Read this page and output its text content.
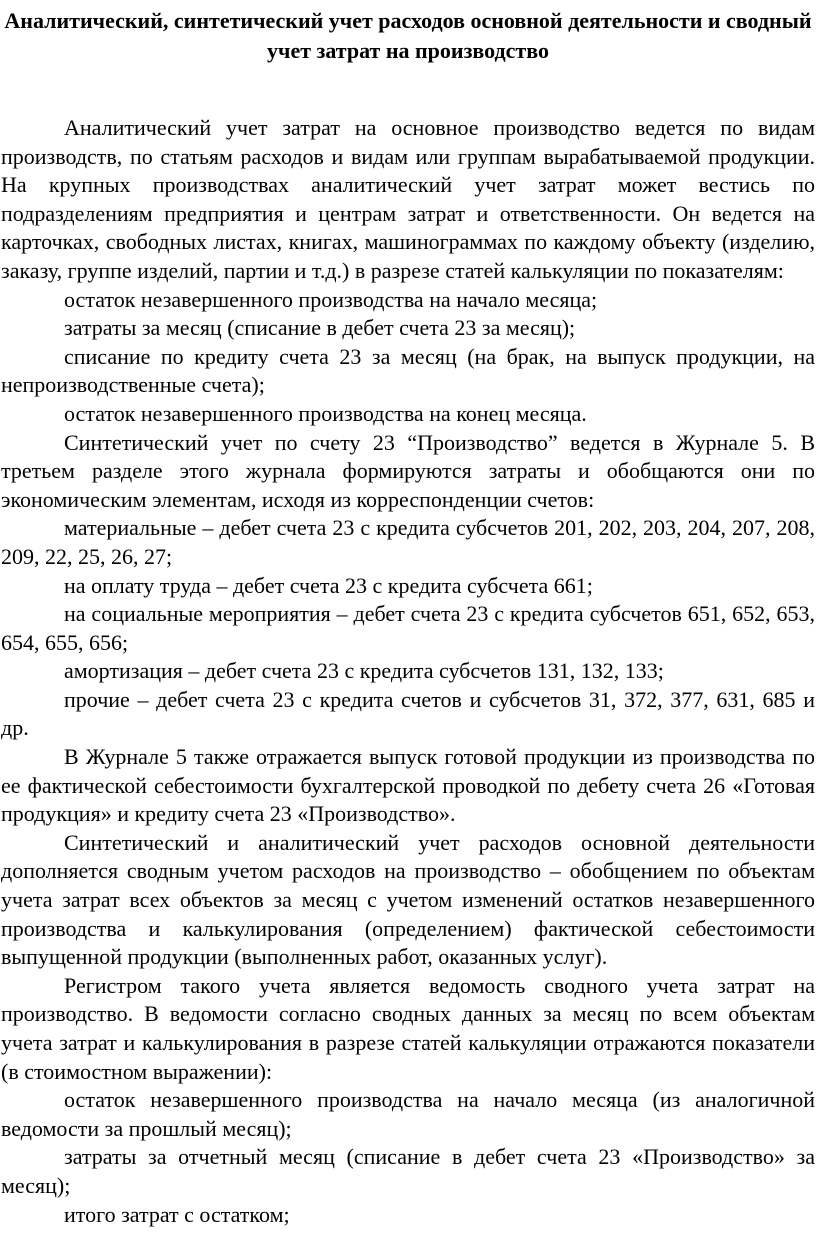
Аналитический, синтетический учет расходов основной деятельности и сводный учет затрат на производство

Аналитический учет затрат на основное производство ведется по видам производств, по статьям расходов и видам или группам вырабатываемой продукции. На крупных производствах аналитический учет затрат может вестись по подразделениям предприятия и центрам затрат и ответственности. Он ведется на карточках, свободных листах, книгах, машинограммах по каждому объекту (изделию, заказу, группе изделий, партии и т.д.) в разрезе статей калькуляции по показателям:

остаток незавершенного производства на начало месяца;

затраты за месяц (списание в дебет счета 23 за месяц);

списание по кредиту счета 23 за месяц (на брак, на выпуск продукции, на непроизводственные счета);

остаток незавершенного производства на конец месяца.

Синтетический учет по счету 23 “Производство” ведется в Журнале 5. В третьем разделе этого журнала формируются затраты и обобщаются они по экономическим элементам, исходя из корреспонденции счетов:

материальные – дебет счета 23 с кредита субсчетов 201, 202, 203, 204, 207, 208, 209, 22, 25, 26, 27;

на оплату труда – дебет счета 23 с кредита субсчета 661;

на социальные мероприятия – дебет счета 23 с кредита субсчетов 651, 652, 653, 654, 655, 656;

амортизация – дебет счета 23 с кредита субсчетов 131, 132, 133;

прочие – дебет счета 23 с кредита счетов и субсчетов 31, 372, 377, 631, 685 и др.

В Журнале 5 также отражается выпуск готовой продукции из производства по ее фактической себестоимости бухгалтерской проводкой по дебету счета 26 «Готовая продукция» и кредиту счета 23 «Производство».

Синтетический и аналитический учет расходов основной деятельности дополняется сводным учетом расходов на производство – обобщением по объектам учета затрат всех объектов за месяц с учетом изменений остатков незавершенного производства и калькулирования (определением) фактической себестоимости выпущенной продукции (выполненных работ, оказанных услуг).

Регистром такого учета является ведомость сводного учета затрат на производство. В ведомости согласно сводных данных за месяц по всем объектам учета затрат и калькулирования в разрезе статей калькуляции отражаются показатели (в стоимостном выражении):

остаток незавершенного производства на начало месяца (из аналогичной ведомости за прошлый месяц);

затраты за отчетный месяц (списание в дебет счета 23 «Производство» за месяц);

итого затрат с остатком;
